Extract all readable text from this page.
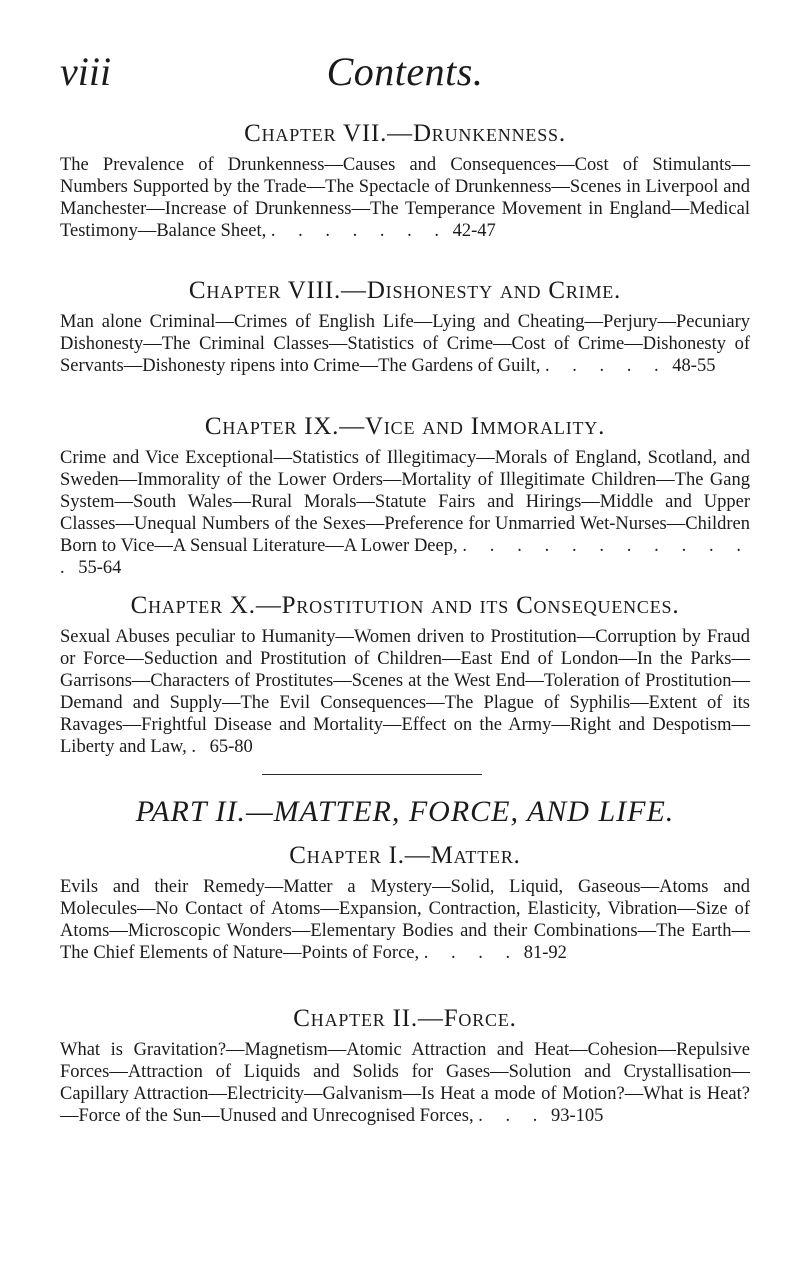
viii	Contents.
Chapter VII.—Drunkenness.

The Prevalence of Drunkenness—Causes and Consequences—Cost of Stimulants—Numbers Supported by the Trade—The Spectacle of Drunkenness—Scenes in Liverpool and Manchester—Increase of Drunkenness—The Temperance Movement in England—Medical Testimony—Balance Sheet, . . . . . . . 42-47

Chapter VIII.—Dishonesty and Crime.

Man alone Criminal—Crimes of English Life—Lying and Cheating—Perjury—Pecuniary Dishonesty—The Criminal Classes—Statistics of Crime—Cost of Crime—Dishonesty of Servants—Dishonesty ripens into Crime—The Gardens of Guilt, . . . . . 48-55

Chapter IX.—Vice and Immorality.

Crime and Vice Exceptional—Statistics of Illegitimacy—Morals of England, Scotland, and Sweden—Immorality of the Lower Orders—Mortality of Illegitimate Children—The Gang System—South Wales—Rural Morals—Statute Fairs and Hirings—Middle and Upper Classes—Unequal Numbers of the Sexes—Preference for Unmarried Wet-Nurses—Children Born to Vice—A Sensual Literature—A Lower Deep, . . . . . . . . . . . . 55-64

Chapter X.—Prostitution and its Consequences.

Sexual Abuses peculiar to Humanity—Women driven to Prostitution—Corruption by Fraud or Force—Seduction and Prostitution of Children—East End of London—In the Parks—Garrisons—Characters of Prostitutes—Scenes at the West End—Toleration of Prostitution—Demand and Supply—The Evil Consequences—The Plague of Syphilis—Extent of its Ravages—Frightful Disease and Mortality—Effect on the Army—Right and Despotism—Liberty and Law, . 65-80

PART II.—MATTER, FORCE, AND LIFE.
Chapter I.—Matter.

Evils and their Remedy—Matter a Mystery—Solid, Liquid, Gaseous—Atoms and Molecules—No Contact of Atoms—Expansion, Contraction, Elasticity, Vibration—Size of Atoms—Microscopic Wonders—Elementary Bodies and their Combinations—The Earth—The Chief Elements of Nature—Points of Force, . . . . 81-92

Chapter II.—Force.

What is Gravitation?—Magnetism—Atomic Attraction and Heat—Cohesion—Repulsive Forces—Attraction of Liquids and Solids for Gases—Solution and Crystallisation—Capillary Attraction—Electricity—Galvanism—Is Heat a mode of Motion?—What is Heat?—Force of the Sun—Unused and Unrecognised Forces, . . . 93-105
